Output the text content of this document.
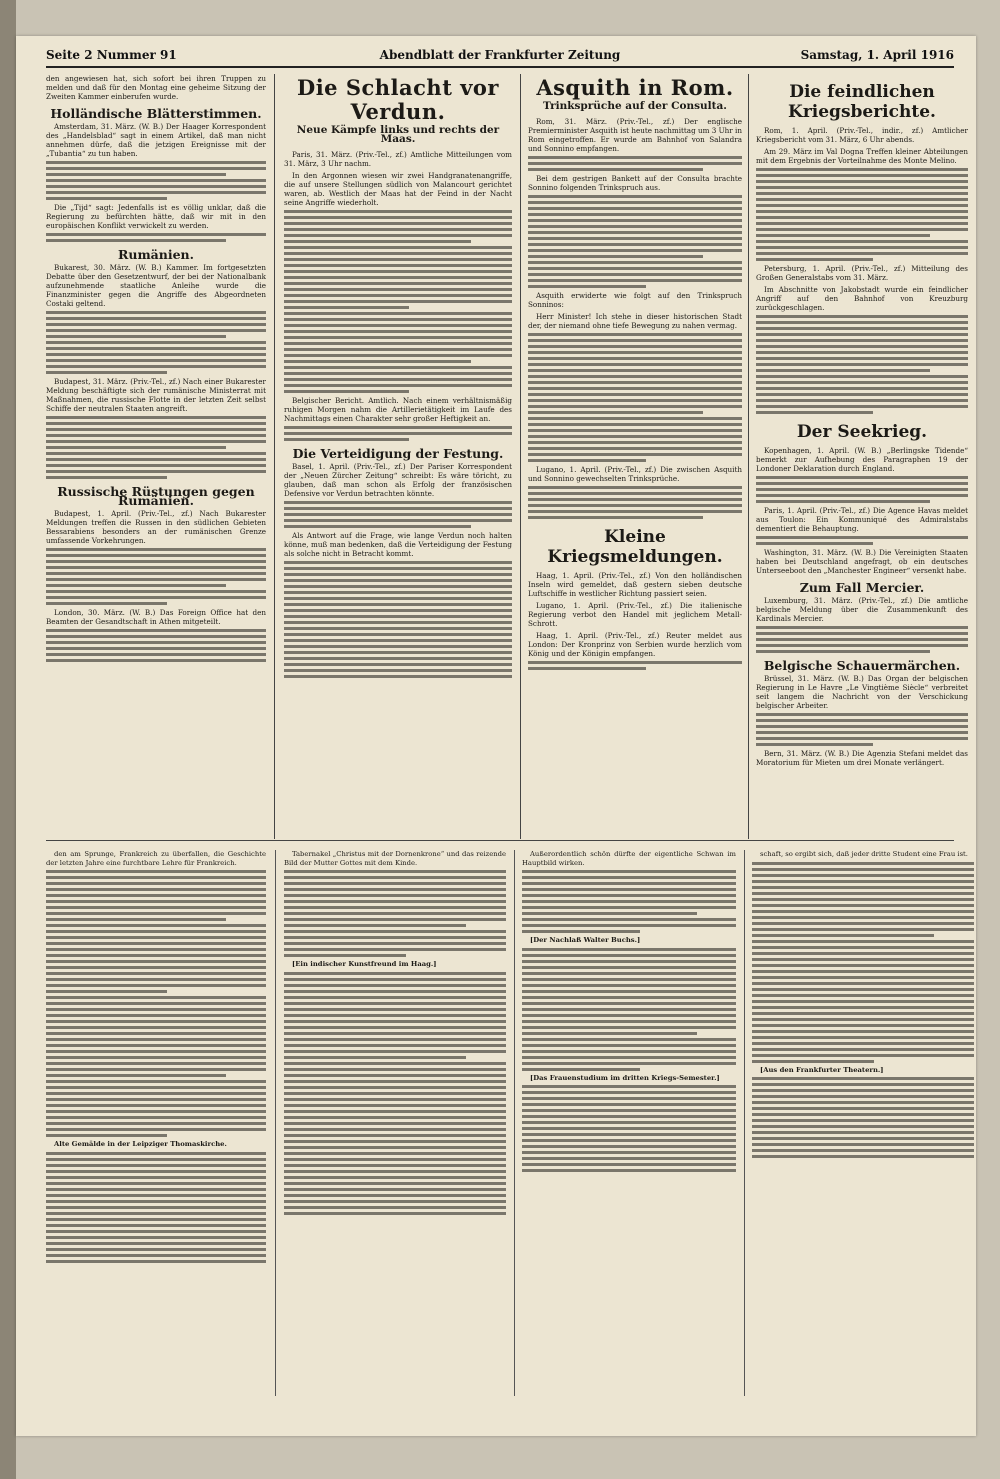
Seite 2 Nummer 91	Abendblatt der Frankfurter Zeitung	Samstag, 1. April 1916
den angewiesen hat, sich sofort bei ihren Truppen zu melden und daß für den Montag eine geheime Sitzung der Zweiten Kammer einberufen wurde.
Holländische Blätterstimmen.

Amsterdam, 31. März. (W. B.) Der Haager Korrespondent des „Handelsblad“ sagt in einem Artikel, daß man nicht annehmen dürfe, daß die jetzigen Ereignisse mit der „Tubantia“ zu tun haben.

Die „Tijd“ sagt: Jedenfalls ist es völlig unklar, daß die Regierung zu befürchten hätte, daß wir mit in den europäischen Konflikt verwickelt zu werden.

Rumänien.

Bukarest, 30. März. (W. B.) Kammer. Im fortgesetzten Debatte über den Gesetzentwurf, der bei der Nationalbank aufzunehmende staatliche Anleihe wurde die Finanzminister gegen die Angriffe des Abgeordneten Costaki geltend.

Budapest, 31. März. (Priv.-Tel., zf.) Nach einer Bukarester Meldung beschäftigte sich der rumänische Ministerrat mit Maßnahmen, die russische Flotte in der letzten Zeit selbst Schiffe der neutralen Staaten angreift.

Russische Rüstungen gegen Rumänien.

Budapest, 1. April. (Priv.-Tel., zf.) Nach Bukarester Meldungen treffen die Russen in den südlichen Gebieten Bessarabiens besonders an der rumänischen Grenze umfassende Vorkehrungen.

London, 30. März. (W. B.) Das Foreign Office hat den Beamten der Gesandtschaft in Athen mitgeteilt.

Die Schlacht vor Verdun.
Neue Kämpfe links und rechts der Maas.

Paris, 31. März. (Priv.-Tel., zf.) Amtliche Mitteilungen vom 31. März, 3 Uhr nachm.

In den Argonnen wiesen wir zwei Handgranatenangriffe, die auf unsere Stellungen südlich von Malancourt gerichtet waren, ab. Westlich der Maas hat der Feind in der Nacht seine Angriffe wiederholt.

Belgischer Bericht. Amtlich. Nach einem verhältnismäßig ruhigen Morgen nahm die Artillerietätigkeit im Laufe des Nachmittags einen Charakter sehr großer Heftigkeit an.

Die Verteidigung der Festung.

Basel, 1. April. (Priv.-Tel., zf.) Der Pariser Korrespondent der „Neuen Zürcher Zeitung“ schreibt: Es wäre töricht, zu glauben, daß man schon als Erfolg der französischen Defensive vor Verdun betrachten könnte.

Als Antwort auf die Frage, wie lange Verdun noch halten könne, muß man bedenken, daß die Verteidigung der Festung als solche nicht in Betracht kommt.

Asquith in Rom.
Trinksprüche auf der Consulta.

Rom, 31. März. (Priv.-Tel., zf.) Der englische Premierminister Asquith ist heute nachmittag um 3 Uhr in Rom eingetroffen. Er wurde am Bahnhof von Salandra und Sonnino empfangen.

Bei dem gestrigen Bankett auf der Consulta brachte Sonnino folgenden Trinkspruch aus.

Asquith erwiderte wie folgt auf den Trinkspruch Sonninos:

Herr Minister! Ich stehe in dieser historischen Stadt der, der niemand ohne tiefe Bewegung zu nahen vermag.

Lugano, 1. April. (Priv.-Tel., zf.) Die zwischen Asquith und Sonnino gewechselten Trinksprüche.

Kleine Kriegsmeldungen.

Haag, 1. April. (Priv.-Tel., zf.) Von den holländischen Inseln wird gemeldet, daß gestern sieben deutsche Luftschiffe in westlicher Richtung passiert seien.

Lugano, 1. April. (Priv.-Tel., zf.) Die italienische Regierung verbot den Handel mit jeglichem Metall-Schrott.

Haag, 1. April. (Priv.-Tel., zf.) Reuter meldet aus London: Der Kronprinz von Serbien wurde herzlich vom König und der Königin empfangen.

Die feindlichen Kriegsberichte.

Rom, 1. April. (Priv.-Tel., indir., zf.) Amtlicher Kriegsbericht vom 31. März, 6 Uhr abends.

Am 29. März im Val Dogna Treffen kleiner Abteilungen mit dem Ergebnis der Vorteilnahme des Monte Melino.

Petersburg, 1. April. (Priv.-Tel., zf.) Mitteilung des Großen Generalstabs vom 31. März.

Im Abschnitte von Jakobstadt wurde ein feindlicher Angriff auf den Bahnhof von Kreuzburg zurückgeschlagen.

Der Seekrieg.

Kopenhagen, 1. April. (W. B.) „Berlingske Tidende“ bemerkt zur Aufhebung des Paragraphen 19 der Londoner Deklaration durch England.

Paris, 1. April. (Priv.-Tel., zf.) Die Agence Havas meldet aus Toulon: Ein Kommuniqué des Admiralstabs dementiert die Behauptung.

Washington, 31. März. (W. B.) Die Vereinigten Staaten haben bei Deutschland angefragt, ob ein deutsches Unterseeboot den „Manchester Engineer“ versenkt habe.

Zum Fall Mercier.

Luxemburg, 31. März. (Priv.-Tel., zf.) Die amtliche belgische Meldung über die Zusammenkunft des Kardinals Mercier.

Belgische Schauermärchen.

Brüssel, 31. März. (W. B.) Das Organ der belgischen Regierung in Le Havre „Le Vingtième Siècle“ verbreitet seit langem die Nachricht von der Verschickung belgischer Arbeiter.

Bern, 31. März. (W. B.) Die Agenzia Stefani meldet das Moratorium für Mieten um drei Monate verlängert.

den am Sprunge, Frankreich zu überfallen, die Geschichte der letzten Jahre eine furchtbare Lehre für Frankreich.

Alte Gemälde in der Leipziger Thomaskirche.

Tabernakel „Christus mit der Dornenkrone“ und das reizende Bild der Mutter Gottes mit dem Kinde.

[Ein indischer Kunstfreund im Haag.]

Außerordentlich schön dürfte der eigentliche Schwan im Hauptbild wirken.

[Der Nachlaß Walter Buchs.]

[Das Frauenstudium im dritten Kriegs-Semester.]

schaft, so ergibt sich, daß jeder dritte Student eine Frau ist.

[Aus den Frankfurter Theatern.]
